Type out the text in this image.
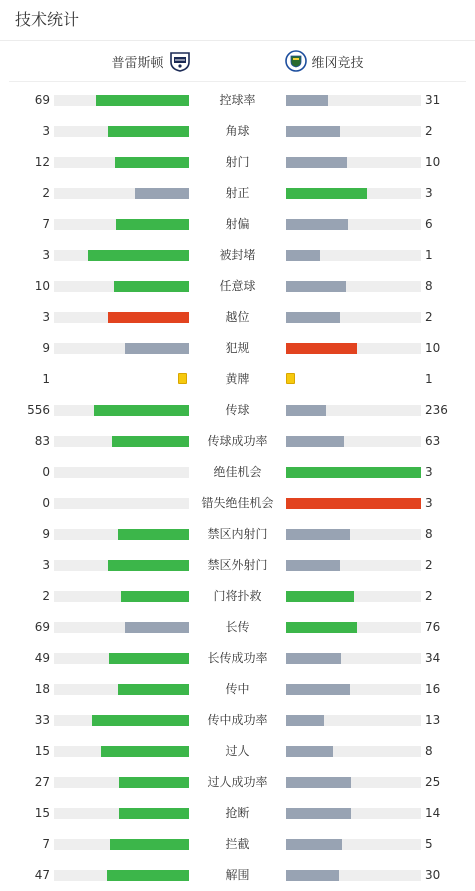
技术统计
普雷斯顿	维冈竞技
69	控球率	31
3	角球	2
12	射门	10
2	射正	3
7	射偏	6
3	被封堵	1
10	任意球	8
3	越位	2
9	犯规	10
1	黄牌	1
556	传球	236
83	传球成功率	63
0	绝佳机会	3
0	错失绝佳机会	3
9	禁区内射门	8
3	禁区外射门	2
2	门将扑救	2
69	长传	76
49	长传成功率	34
18	传中	16
33	传中成功率	13
15	过人	8
27	过人成功率	25
15	抢断	14
7	拦截	5
47	解围	30
